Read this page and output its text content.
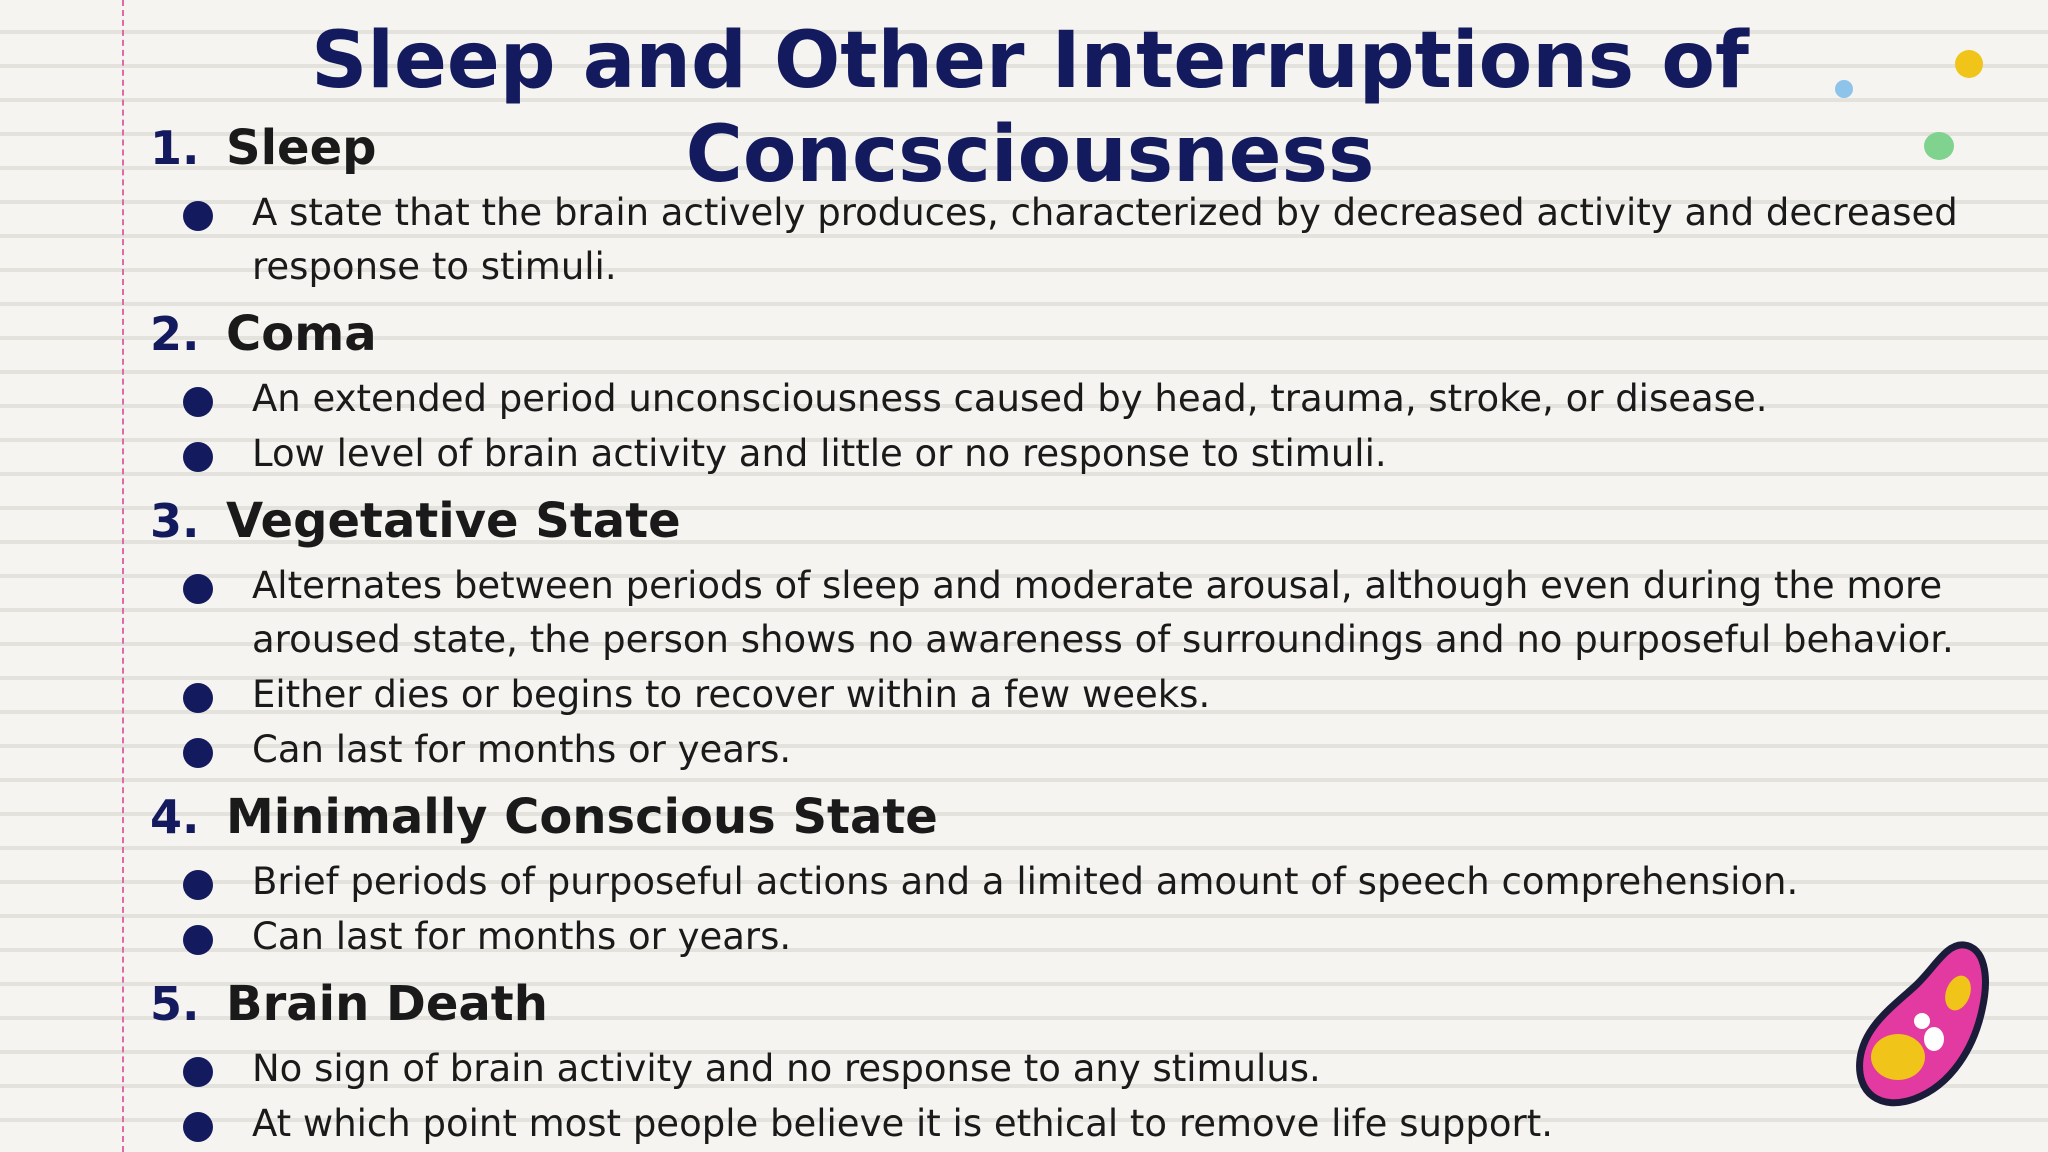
Sleep and Other Interruptions of Concsciousness
1. Sleep
A state that the brain actively produces, characterized by decreased activity and decreased response to stimuli.
2. Coma
An extended period unconsciousness caused by head, trauma, stroke, or disease.
Low level of brain activity and little or no response to stimuli.
3. Vegetative State
Alternates between periods of sleep and moderate arousal, although even during the more aroused state, the person shows no awareness of surroundings and no purposeful behavior.
Either dies or begins to recover within a few weeks.
Can last for months or years.
4. Minimally Conscious State
Brief periods of purposeful actions and a limited amount of speech comprehension.
Can last for months or years.
5. Brain Death
No sign of brain activity and no response to any stimulus.
At which point most people believe it is ethical to remove life support.
